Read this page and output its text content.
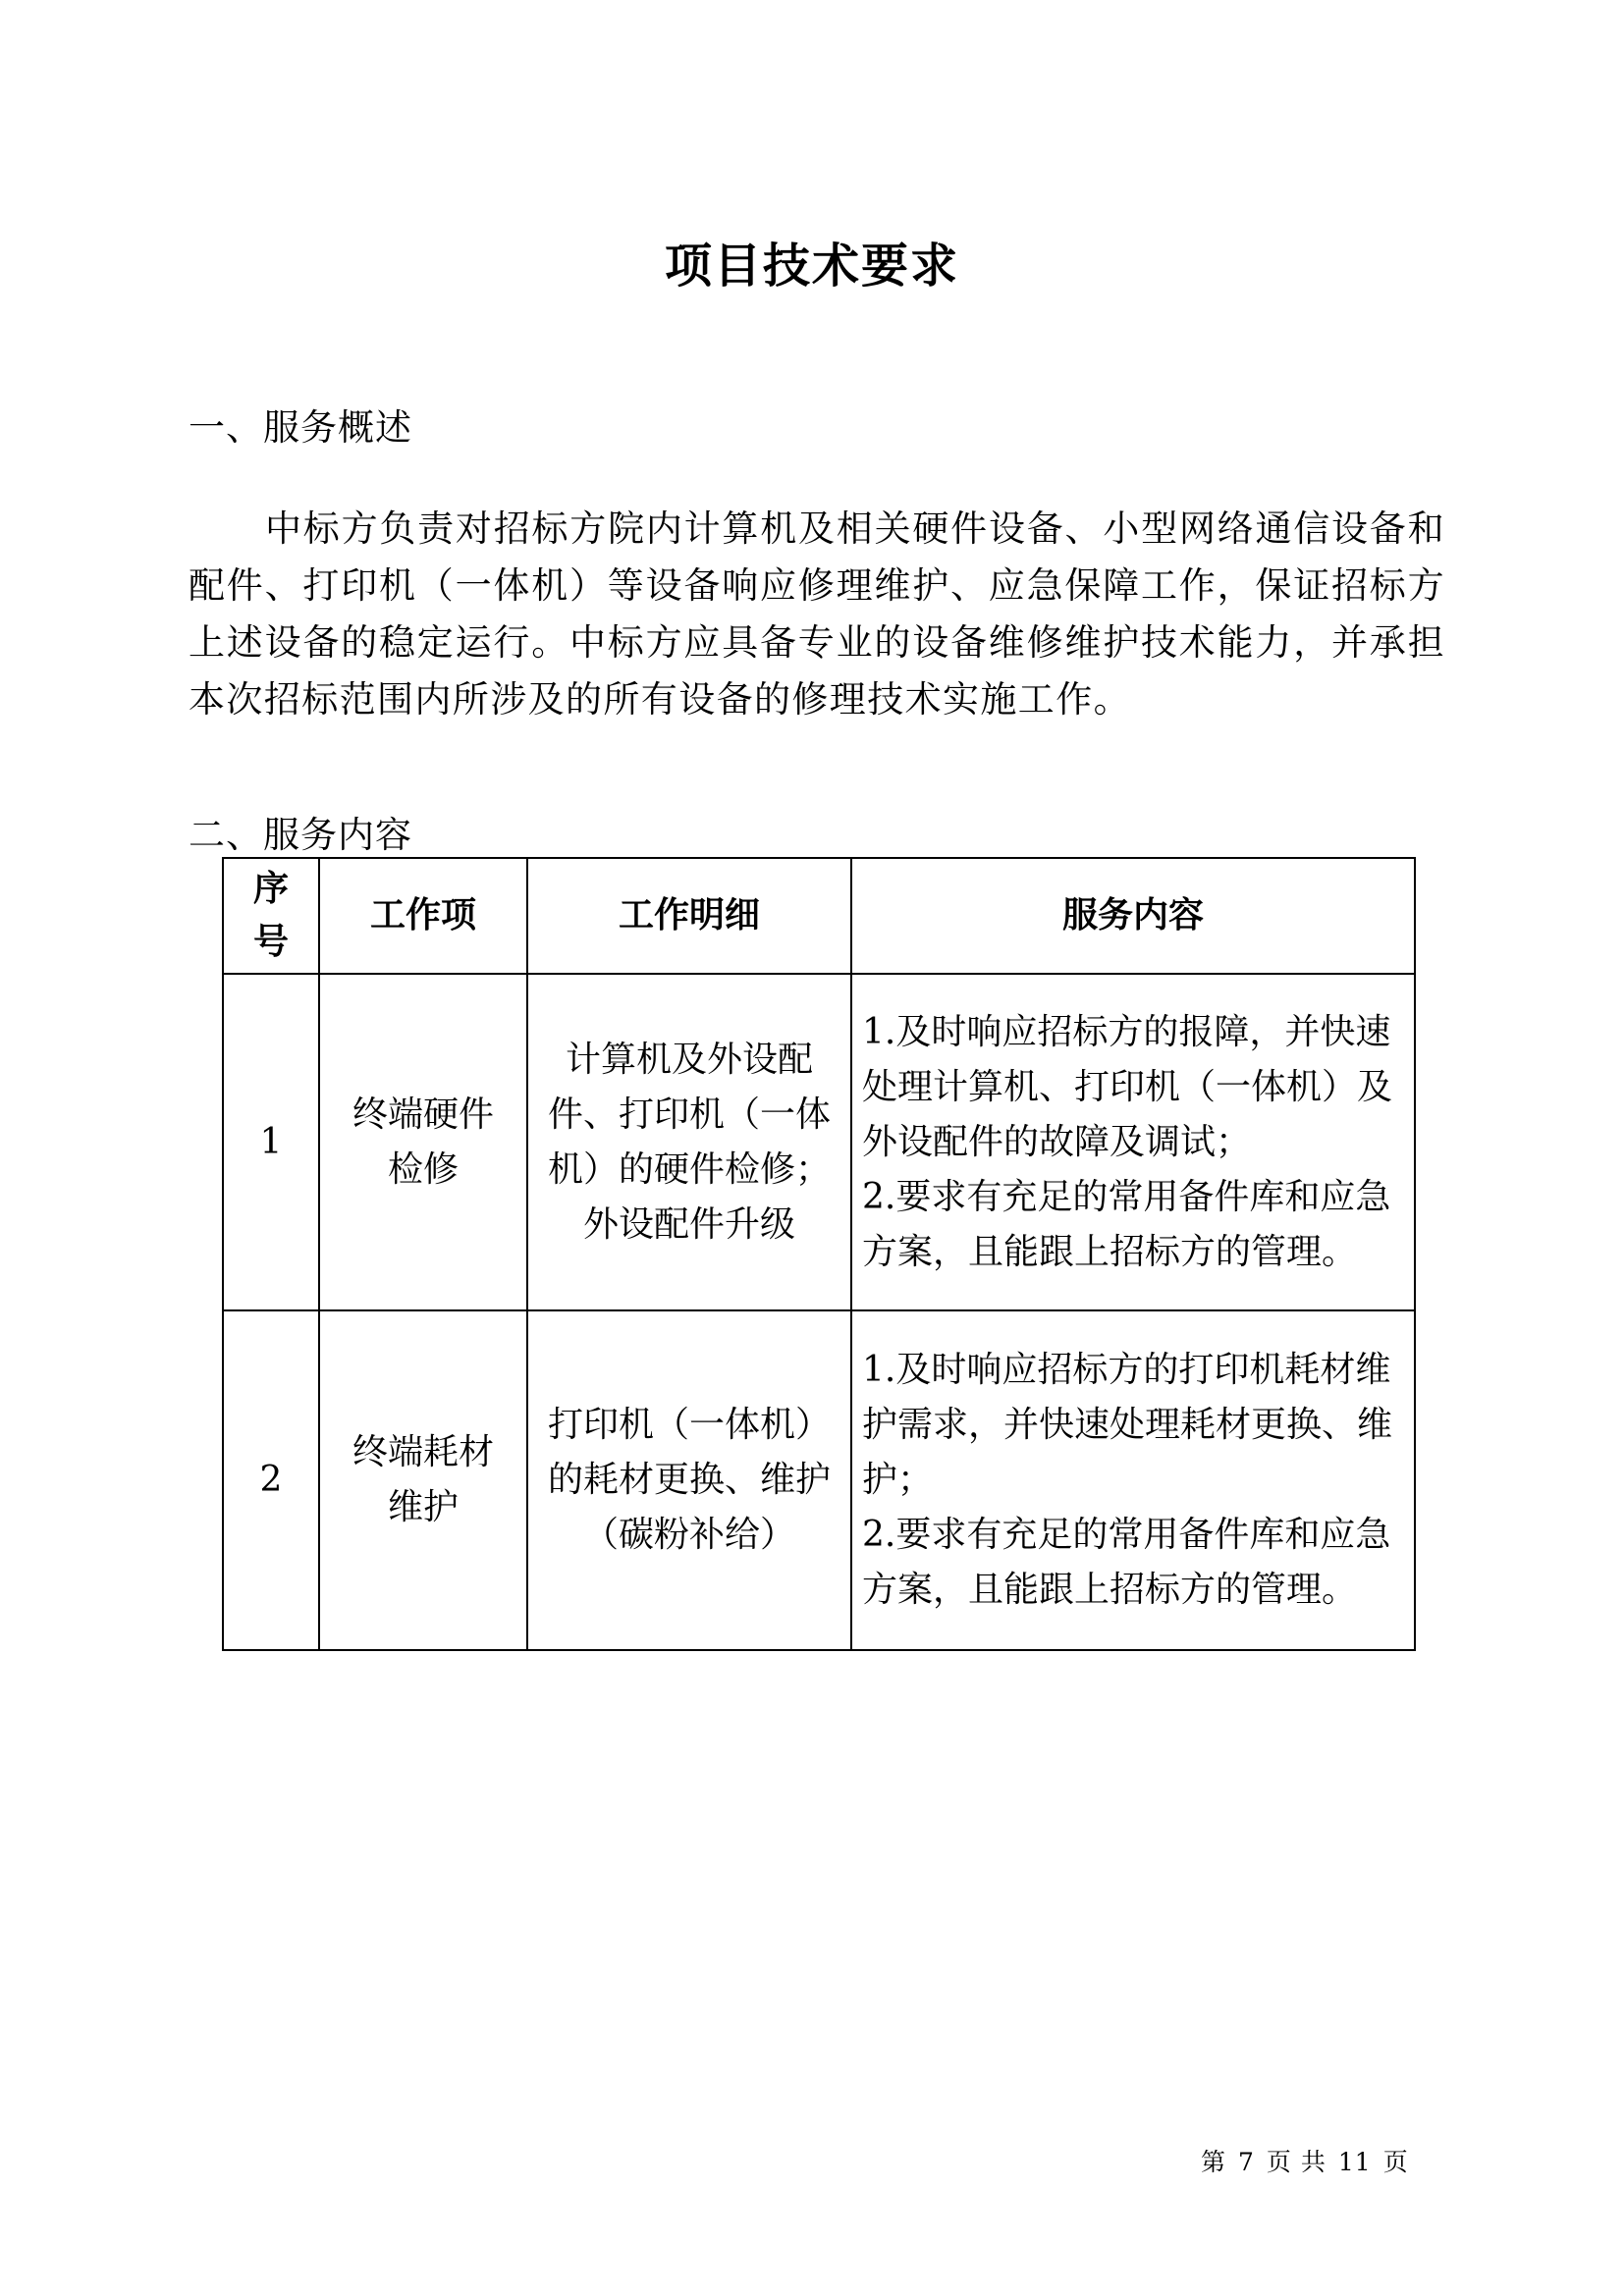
项目技术要求
一、服务概述
中标方负责对招标方院内计算机及相关硬件设备、小型网络通信设备和配件、打印机（一体机）等设备响应修理维护、应急保障工作，保证招标方上述设备的稳定运行。中标方应具备专业的设备维修维护技术能力，并承担本次招标范围内所涉及的所有设备的修理技术实施工作。
二、服务内容
序号	工作项	工作明细	服务内容
1	终端硬件检修	计算机及外设配件、打印机（一体机）的硬件检修；外设配件升级	1.及时响应招标方的报障，并快速处理计算机、打印机（一体机）及外设配件的故障及调试；
2.要求有充足的常用备件库和应急方案，且能跟上招标方的管理。
2	终端耗材维护	打印机（一体机）的耗材更换、维护（碳粉补给）	1.及时响应招标方的打印机耗材维护需求，并快速处理耗材更换、维护；
2.要求有充足的常用备件库和应急方案，且能跟上招标方的管理。
第 7 页 共 11 页
